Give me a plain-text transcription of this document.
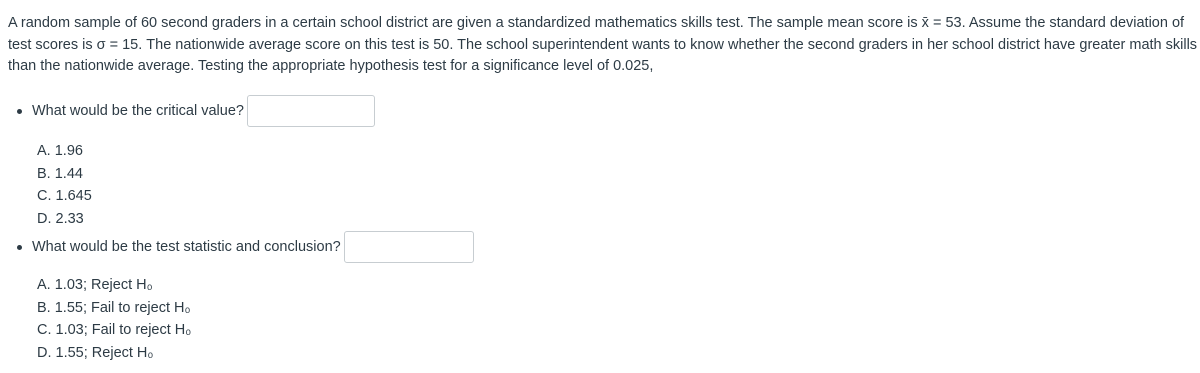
A random sample of 60 second graders in a certain school district are given a standardized mathematics skills test. The sample mean score is x̄ = 53. Assume the standard deviation of test scores is σ = 15. The nationwide average score on this test is 50. The school superintendent wants to know whether the second graders in her school district have greater math skills than the nationwide average. Testing the appropriate hypothesis test for a significance level of 0.025,

What would be the critical value?
A. 1.96
B. 1.44
C. 1.645
D. 2.33
What would be the test statistic and conclusion?
A. 1.03; Reject H₀
B. 1.55; Fail to reject H₀
C. 1.03; Fail to reject H₀
D. 1.55; Reject H₀
